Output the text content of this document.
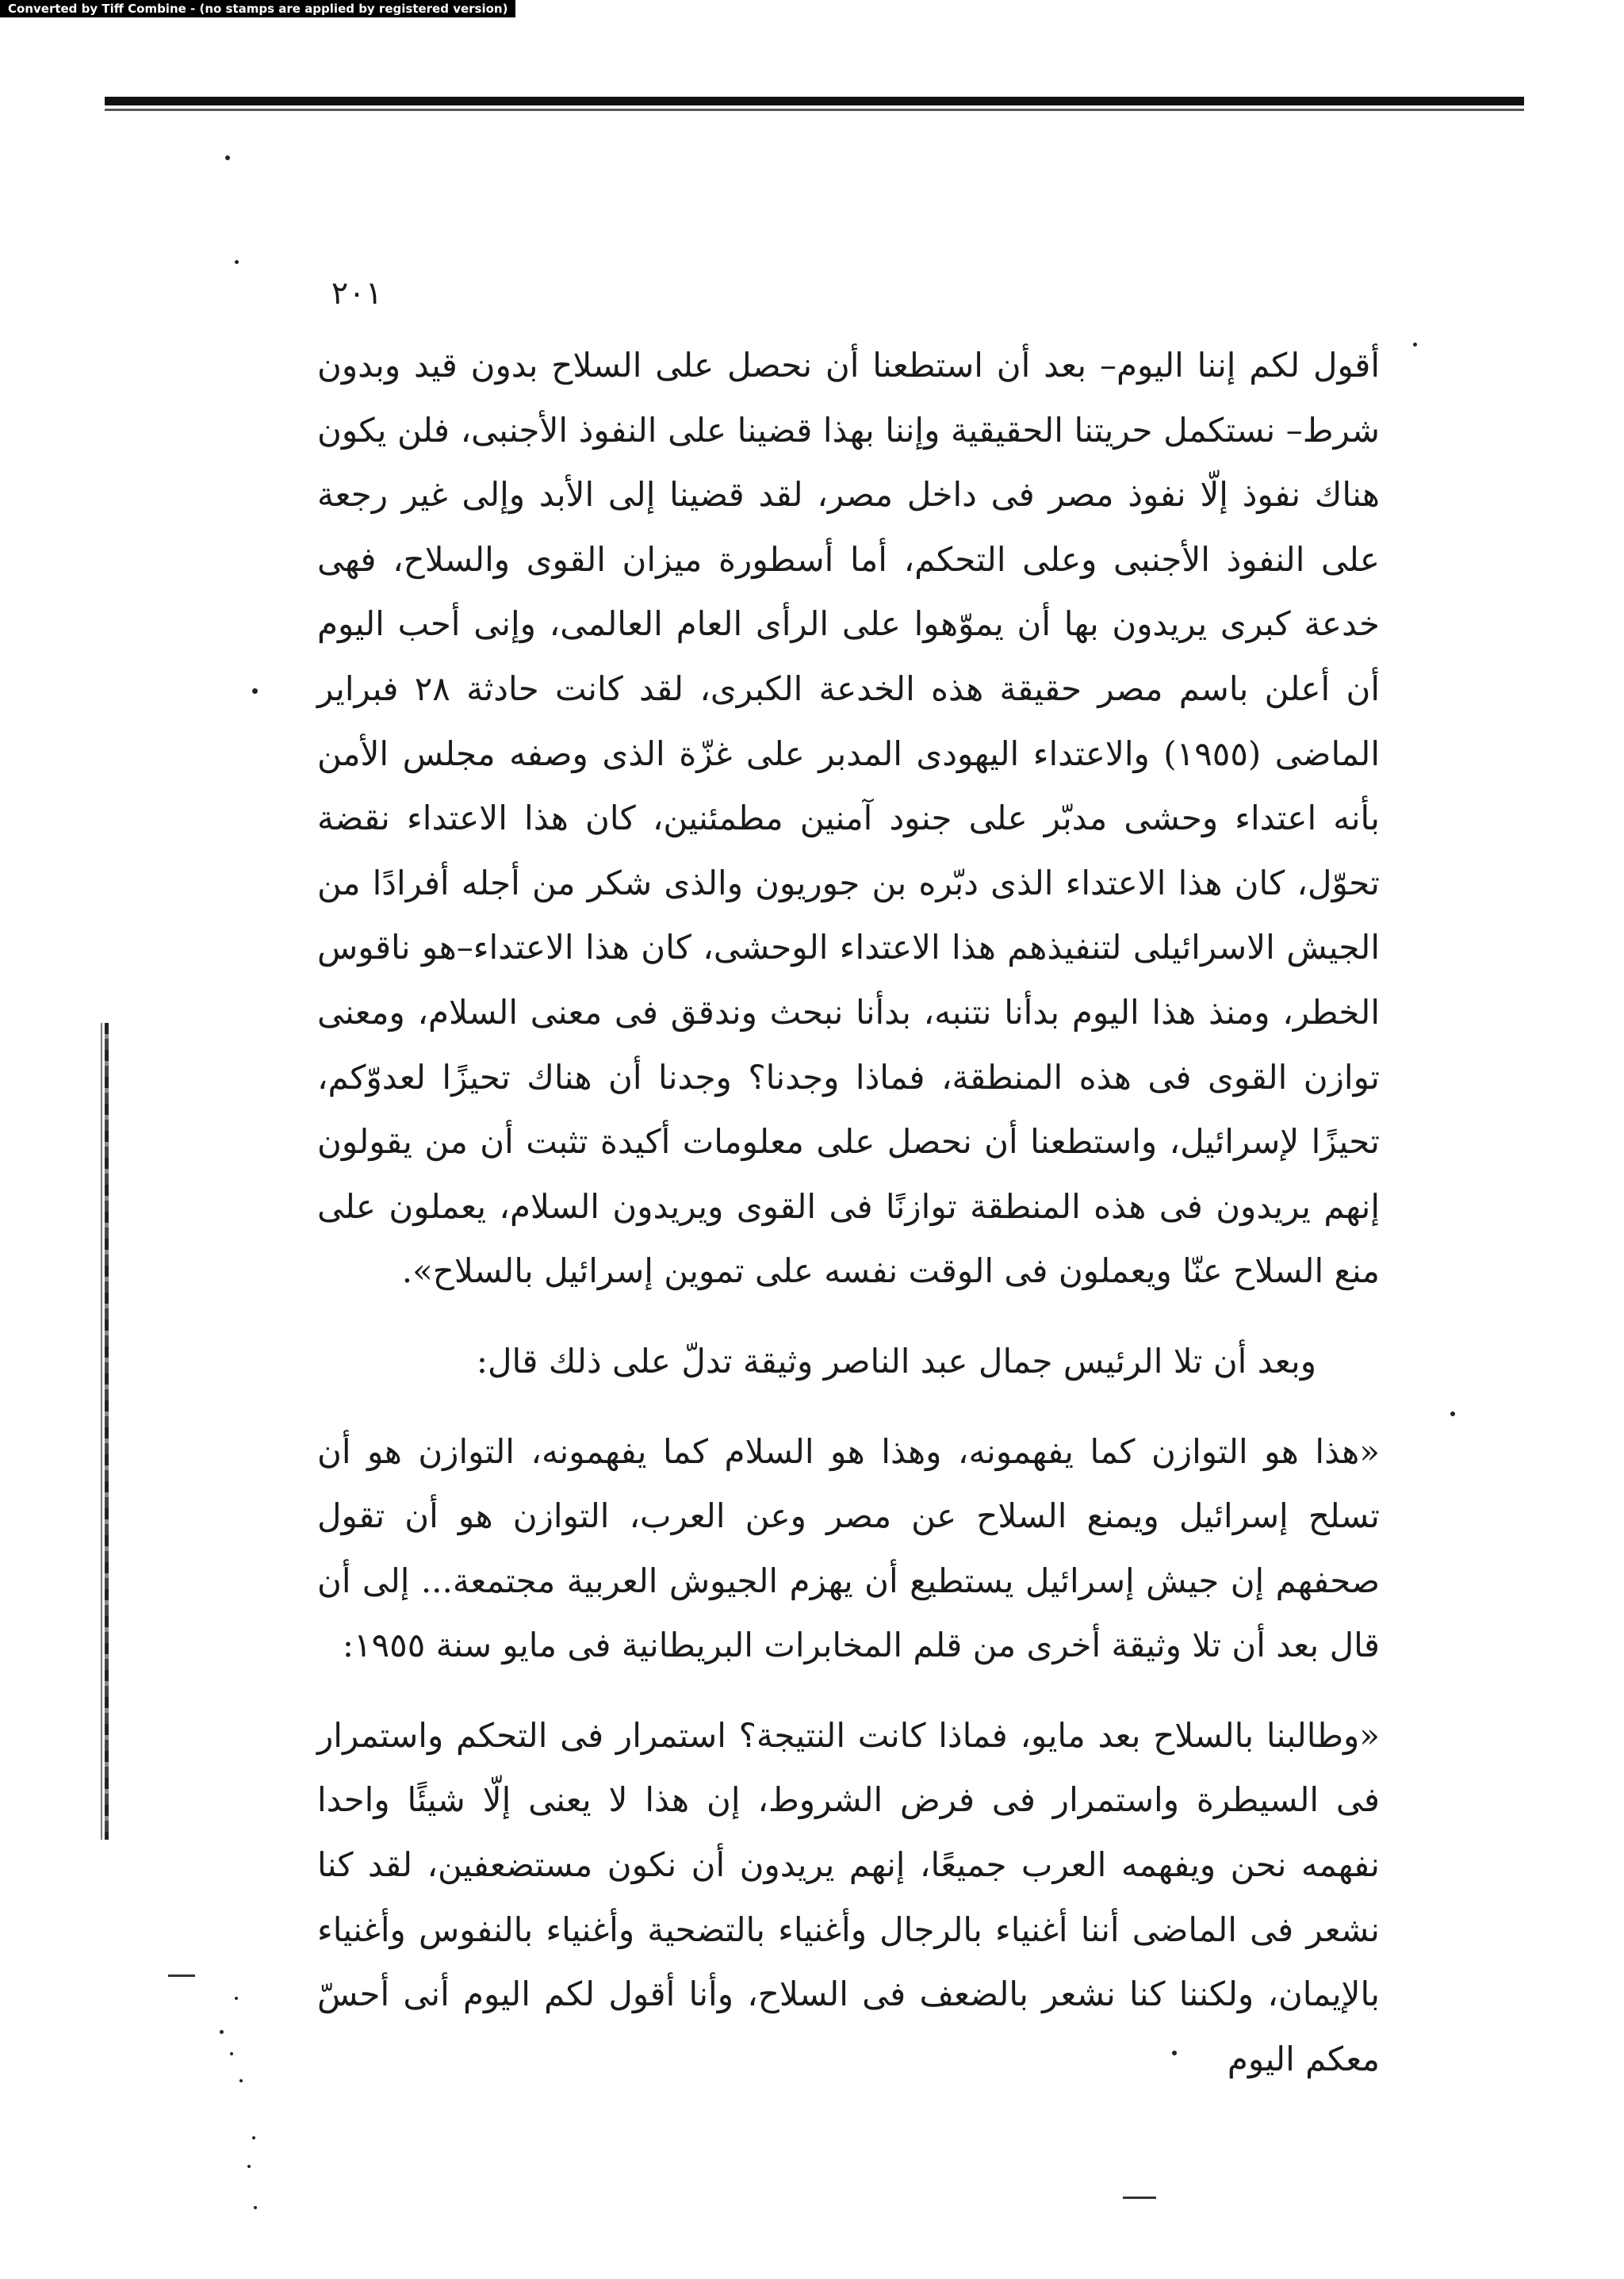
Converted by Tiff Combine - (no stamps are applied by registered version)
٢٠١

أقول لكم إننا اليوم– بعد أن استطعنا أن نحصل على السلاح بدون قيد وبدون شرط– نستكمل حريتنا الحقيقية وإننا بهذا قضينا على النفوذ الأجنبى، فلن يكون هناك نفوذ إلّا نفوذ مصر فى داخل مصر، لقد قضينا إلى الأبد وإلى غير رجعة على النفوذ الأجنبى وعلى التحكم، أما أسطورة ميزان القوى والسلاح، فهى خدعة كبرى يريدون بها أن يموّهوا على الرأى العام العالمى، وإنى أحب اليوم أن أعلن باسم مصر حقيقة هذه الخدعة الكبرى، لقد كانت حادثة ٢٨ فبراير الماضى (١٩٥٥) والاعتداء اليهودى المدبر على غزّة الذى وصفه مجلس الأمن بأنه اعتداء وحشى مدبّر على جنود آمنين مطمئنين، كان هذا الاعتداء نقضة تحوّل، كان هذا الاعتداء الذى دبّره بن جوريون والذى شكر من أجله أفرادًا من الجيش الاسرائيلى لتنفيذهم هذا الاعتداء الوحشى، كان هذا الاعتداء–هو ناقوس الخطر، ومنذ هذا اليوم بدأنا نتنبه، بدأنا نبحث وندقق فى معنى السلام، ومعنى توازن القوى فى هذه المنطقة، فماذا وجدنا؟ وجدنا أن هناك تحيزًا لعدوّكم، تحيزًا لإسرائيل، واستطعنا أن نحصل على معلومات أكيدة تثبت أن من يقولون إنهم يريدون فى هذه المنطقة توازنًا فى القوى ويريدون السلام، يعملون على منع السلاح عنّا ويعملون فى الوقت نفسه على تموين إسرائيل بالسلاح».

وبعد أن تلا الرئيس جمال عبد الناصر وثيقة تدلّ على ذلك قال:

«هذا هو التوازن كما يفهمونه، وهذا هو السلام كما يفهمونه، التوازن هو أن تسلح إسرائيل ويمنع السلاح عن مصر وعن العرب، التوازن هو أن تقول صحفهم إن جيش إسرائيل يستطيع أن يهزم الجيوش العربية مجتمعة... إلى أن قال بعد أن تلا وثيقة أخرى من قلم المخابرات البريطانية فى مايو سنة ١٩٥٥:

«وطالبنا بالسلاح بعد مايو، فماذا كانت النتيجة؟ استمرار فى التحكم واستمرار فى السيطرة واستمرار فى فرض الشروط، إن هذا لا يعنى إلّا شيئًا واحدا نفهمه نحن ويفهمه العرب جميعًا، إنهم يريدون أن نكون مستضعفين، لقد كنا نشعر فى الماضى أننا أغنياء بالرجال وأغنياء بالتضحية وأغنياء بالنفوس وأغنياء بالإيمان، ولكننا كنا نشعر بالضعف فى السلاح، وأنا أقول لكم اليوم أنى أحسّ معكم اليوم
